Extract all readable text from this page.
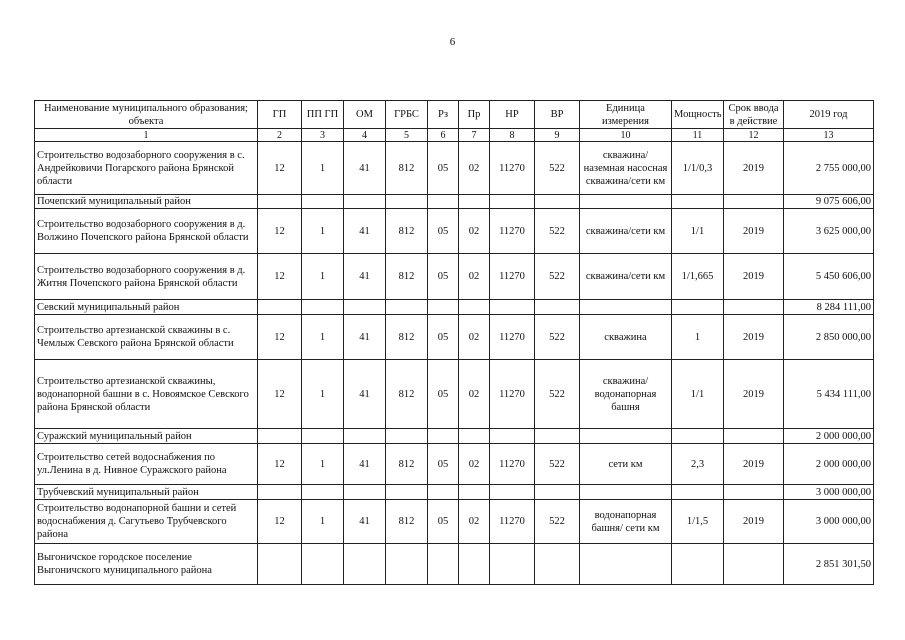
6
Наименование муниципального образования; объекта	ГП	ПП ГП	ОМ	ГРБС	Рз	Пр	НР	ВР	Единица измерения	Мощность	Срок ввода в действие	2019 год
1	2	3	4	5	6	7	8	9	10	11	12	13
Строительство водозаборного сооружения в с. Андрейковичи Погарского района Брянской области	12	1	41	812	05	02	11270	522	скважина/ наземная насосная скважина/сети км	1/1/0,3	2019	2 755 000,00
Почепский муниципальный район												9 075 606,00
Строительство водозаборного сооружения в д. Волжино Почепского района Брянской области	12	1	41	812	05	02	11270	522	скважина/сети км	1/1	2019	3 625 000,00
Строительство водозаборного сооружения в д. Житня Почепского района Брянской области	12	1	41	812	05	02	11270	522	скважина/сети км	1/1,665	2019	5 450 606,00
Севский муниципальный район												8 284 111,00
Строительство артезианской скважины в с. Чемлыж Севского района Брянской области	12	1	41	812	05	02	11270	522	скважина	1	2019	2 850 000,00
Строительство артезианской скважины, водонапорной башни в с. Новоямское Севского района Брянской области	12	1	41	812	05	02	11270	522	скважина/ водонапорная башня	1/1	2019	5 434 111,00
Суражский муниципальный район												2 000 000,00
Строительство сетей водоснабжения по ул.Ленина в д. Нивное Суражского района	12	1	41	812	05	02	11270	522	сети км	2,3	2019	2 000 000,00
Трубчевский муниципальный район												3 000 000,00
Строительство водонапорной башни и сетей водоснабжения д. Сагутьево Трубчевского района	12	1	41	812	05	02	11270	522	водонапорная башня/ сети км	1/1,5	2019	3 000 000,00
Выгоничское городское поселение Выгоничского муниципального района												2 851 301,50
